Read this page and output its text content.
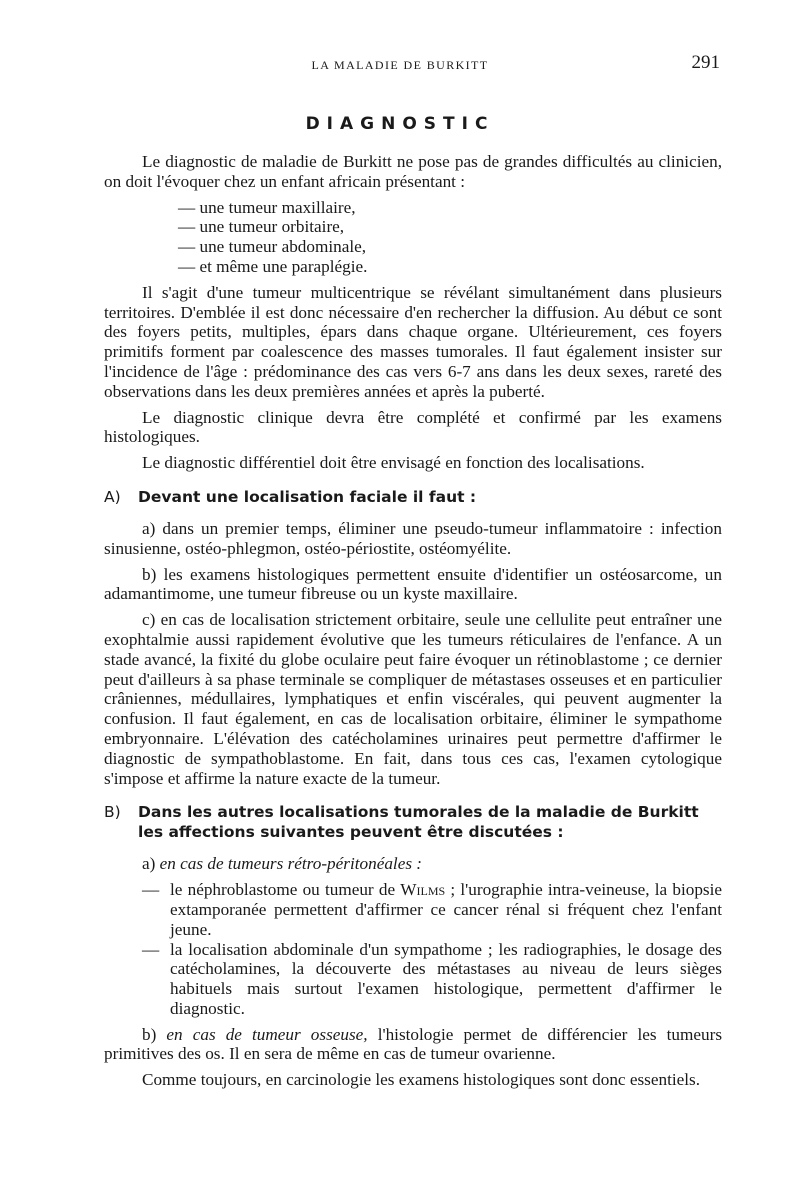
LA MALADIE DE BURKITT	291
DIAGNOSTIC

Le diagnostic de maladie de Burkitt ne pose pas de grandes difficultés au clinicien, on doit l'évoquer chez un enfant africain présentant :

— une tumeur maxillaire,
— une tumeur orbitaire,
— une tumeur abdominale,
— et même une paraplégie.

Il s'agit d'une tumeur multicentrique se révélant simultanément dans plusieurs territoires. D'emblée il est donc nécessaire d'en rechercher la diffusion. Au début ce sont des foyers petits, multiples, épars dans chaque organe. Ultérieurement, ces foyers primitifs forment par coalescence des masses tumorales. Il faut également insister sur l'incidence de l'âge : prédominance des cas vers 6-7 ans dans les deux sexes, rareté des observations dans les deux premières années et après la puberté.

Le diagnostic clinique devra être complété et confirmé par les examens histologiques.

Le diagnostic différentiel doit être envisagé en fonction des localisations.

A) Devant une localisation faciale il faut :

a) dans un premier temps, éliminer une pseudo-tumeur inflammatoire : infection sinusienne, ostéo-phlegmon, ostéo-périostite, ostéomyélite.

b) les examens histologiques permettent ensuite d'identifier un ostéosarcome, un adamantimome, une tumeur fibreuse ou un kyste maxillaire.

c) en cas de localisation strictement orbitaire, seule une cellulite peut entraîner une exophtalmie aussi rapidement évolutive que les tumeurs réticulaires de l'enfance. A un stade avancé, la fixité du globe oculaire peut faire évoquer un rétinoblastome ; ce dernier peut d'ailleurs à sa phase terminale se compliquer de métastases osseuses et en particulier crâniennes, médullaires, lymphatiques et enfin viscérales, qui peuvent augmenter la confusion. Il faut également, en cas de localisation orbitaire, éliminer le sympathome embryonnaire. L'élévation des catécholamines urinaires peut permettre d'affirmer le diagnostic de sympathoblastome. En fait, dans tous ces cas, l'examen cytologique s'impose et affirme la nature exacte de la tumeur.

B) Dans les autres localisations tumorales de la maladie de Burkitt les affections suivantes peuvent être discutées :

a) en cas de tumeurs rétro-péritonéales :

— le néphroblastome ou tumeur de Wilms ; l'urographie intra-veineuse, la biopsie extamporanée permettent d'affirmer ce cancer rénal si fréquent chez l'enfant jeune.
— la localisation abdominale d'un sympathome ; les radiographies, le dosage des catécholamines, la découverte des métastases au niveau de leurs sièges habituels mais surtout l'examen histologique, permettent d'affirmer le diagnostic.

b) en cas de tumeur osseuse, l'histologie permet de différencier les tumeurs primitives des os. Il en sera de même en cas de tumeur ovarienne.

Comme toujours, en carcinologie les examens histologiques sont donc essentiels.
